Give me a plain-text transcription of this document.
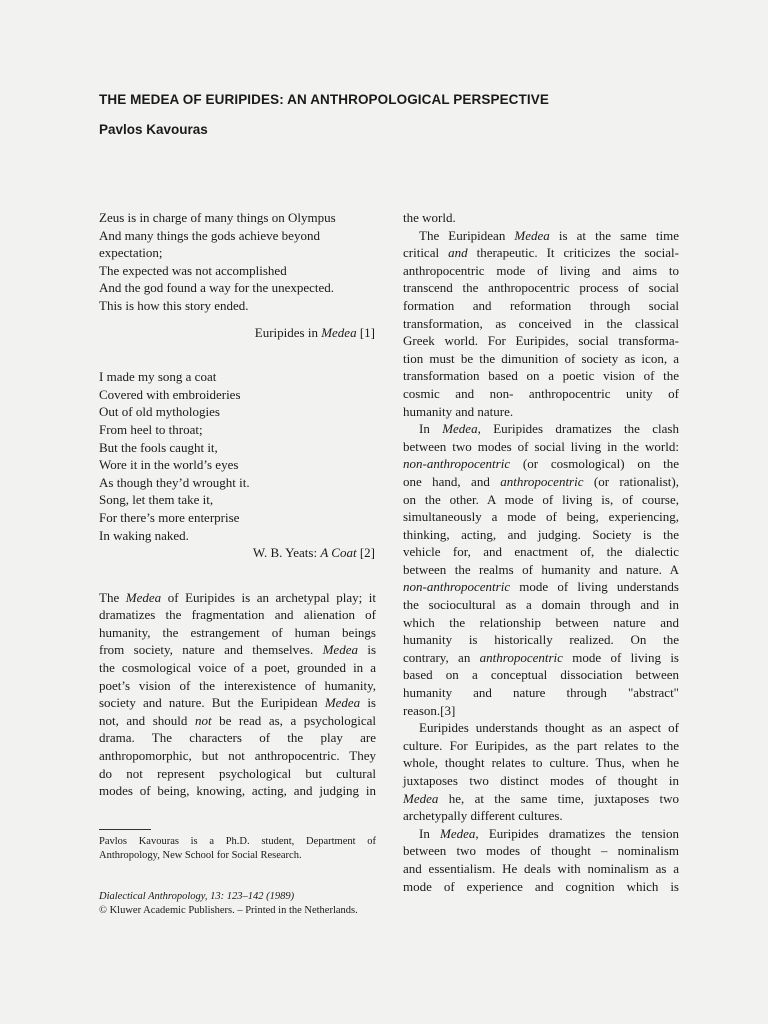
THE MEDEA OF EURIPIDES: AN ANTHROPOLOGICAL PERSPECTIVE
Pavlos Kavouras
Zeus is in charge of many things on Olympus
And many things the gods achieve beyond
expectation;
The expected was not accomplished
And the god found a way for the unexpected.
This is how this story ended.
Euripides in Medea [1]
I made my song a coat
Covered with embroideries
Out of old mythologies
From heel to throat;
But the fools caught it,
Wore it in the world’s eyes
As though they’d wrought it.
Song, let them take it,
For there’s more enterprise
In waking naked.
W. B. Yeats: A Coat [2]
The Medea of Euripides is an archetypal play; it
dramatizes the fragmentation and alienation of
humanity, the estrangement of human beings
from society, nature and themselves. Medea is
the cosmological voice of a poet, grounded in a
poet’s vision of the interexistence of humanity,
society and nature. But the Euripidean Medea is
not, and should not be read as, a psychological
drama. The characters of the play are
anthropomorphic, but not anthropocentric. They
do not represent psychological but cultural
modes of being, knowing, acting, and judging in
the world.
The Euripidean Medea is at the same time
critical and therapeutic. It criticizes the social-
anthropocentric mode of living and aims to
transcend the anthropocentric process of social
formation and reformation through social
transformation, as conceived in the classical
Greek world. For Euripides, social transforma-
tion must be the dimunition of society as icon, a
transformation based on a poetic vision of the
cosmic and non- anthropocentric unity of
humanity and nature.
In Medea, Euripides dramatizes the clash
between two modes of social living in the world:
non-anthropocentric (or cosmological) on the
one hand, and anthropocentric (or rationalist),
on the other. A mode of living is, of course,
simultaneously a mode of being, experiencing,
thinking, acting, and judging. Society is the
vehicle for, and enactment of, the dialectic
between the realms of humanity and nature. A
non-anthropocentric mode of living understands
the sociocultural as a domain through and in
which the relationship between nature and
humanity is historically realized. On the
contrary, an anthropocentric mode of living is
based on a conceptual dissociation between
humanity and nature through "abstract"
reason.[3]
Euripides understands thought as an aspect of
culture. For Euripides, as the part relates to the
whole, thought relates to culture. Thus, when he
juxtaposes two distinct modes of thought in
Medea he, at the same time, juxtaposes two
archetypally different cultures.
In Medea, Euripides dramatizes the tension
between two modes of thought – nominalism
and essentialism. He deals with nominalism as a
mode of experience and cognition which is
Pavlos Kavouras is a Ph.D. student, Department of
Anthropology, New School for Social Research.
Dialectical Anthropology, 13: 123–142 (1989)
© Kluwer Academic Publishers. – Printed in the Netherlands.
